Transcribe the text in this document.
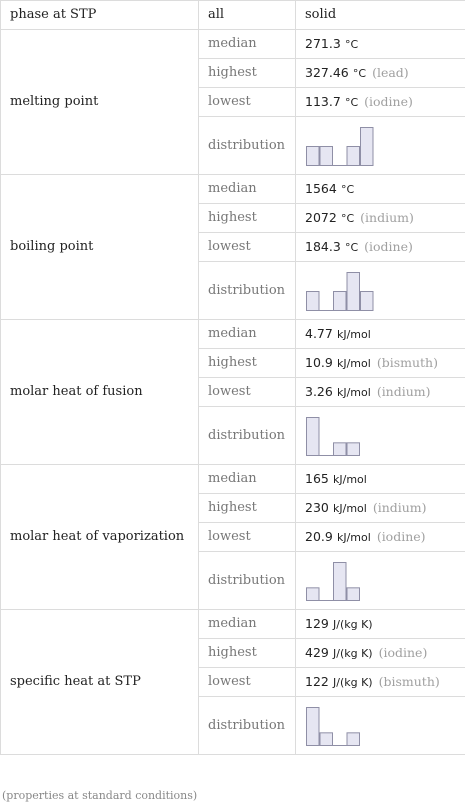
phase at STP	all	solid
melting point	median	271.3 °C
	highest	327.46 °C (lead)
	lowest	113.7 °C (iodine)
	distribution	

boiling point	median	1564 °C
	highest	2072 °C (indium)
	lowest	184.3 °C (iodine)
	distribution	

molar heat of fusion	median	4.77 kJ/mol
	highest	10.9 kJ/mol (bismuth)
	lowest	3.26 kJ/mol (indium)
	distribution	

molar heat of vaporization	median	165 kJ/mol
	highest	230 kJ/mol (indium)
	lowest	20.9 kJ/mol (iodine)
	distribution	

specific heat at STP	median	129 J/(kg K)
	highest	429 J/(kg K) (iodine)
	lowest	122 J/(kg K) (bismuth)
	distribution	
(properties at standard conditions)
